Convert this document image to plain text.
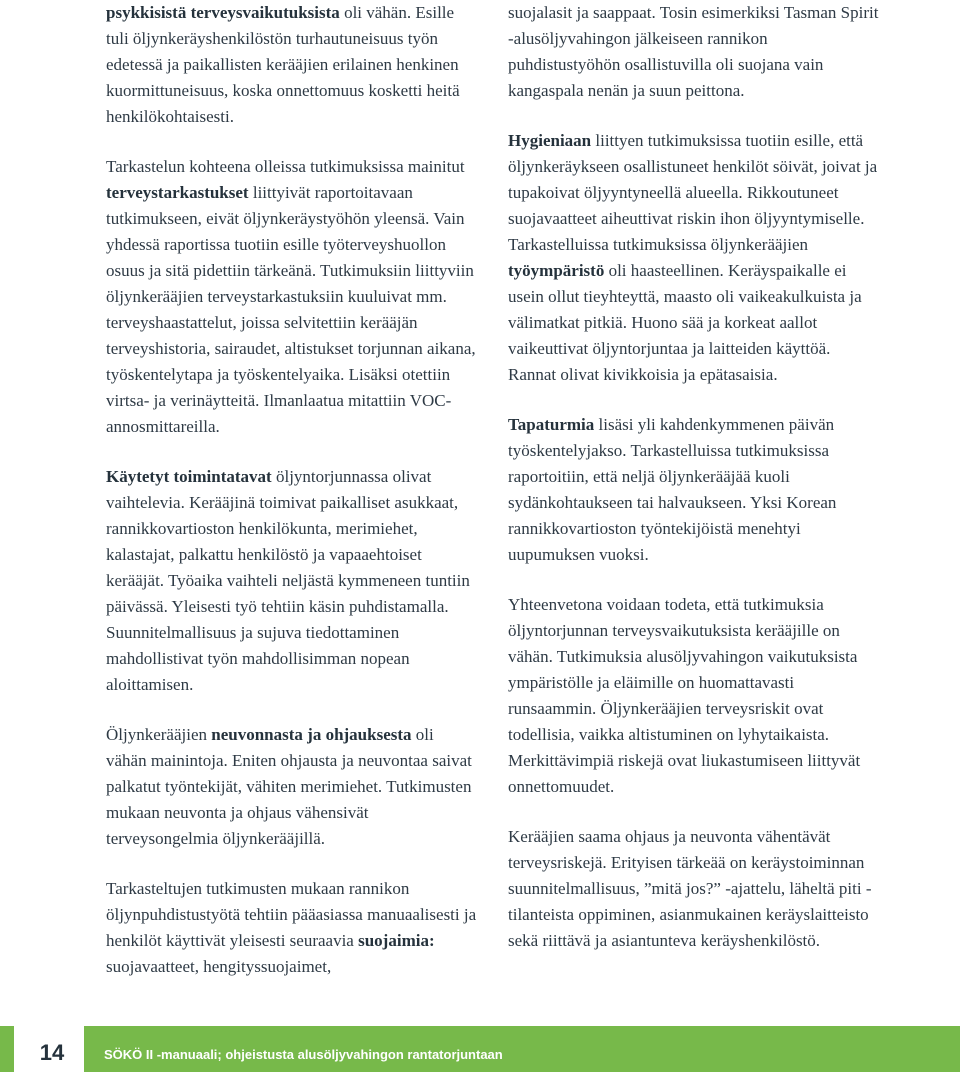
psykkisistä terveysvaikutuksista oli vähän. Esille tuli öljynkeräyshenkilöstön turhautuneisuus työn edetessä ja paikallisten kerääjien erilainen henkinen kuormittuneisuus, koska onnettomuus kosketti heitä henkilökohtaisesti.

Tarkastelun kohteena olleissa tutkimuksissa mainitut terveystarkastukset liittyivät raportoitavaan tutkimukseen, eivät öljynkeräystyöhön yleensä. Vain yhdessä raportissa tuotiin esille työterveyshuollon osuus ja sitä pidettiin tärkeänä. Tutkimuksiin liittyviin öljynkerääjien terveystarkastuksiin kuuluivat mm. terveyshaastattelut, joissa selvitettiin kerääjän terveyshistoria, sairaudet, altistukset torjunnan aikana, työskentelytapa ja työskentelyaika. Lisäksi otettiin virtsa- ja verinäytteitä. Ilmanlaatua mitattiin VOC- annosmittareilla.

Käytetyt toimintatavat öljyntorjunnassa olivat vaihtelevia. Kerääjinä toimivat paikalliset asukkaat, rannikkovartioston henkilökunta, merimiehet, kalastajat, palkattu henkilöstö ja vapaaehtoiset kerääjät. Työaika vaihteli neljästä kymmeneen tuntiin päivässä. Yleisesti työ tehtiin käsin puhdistamalla. Suunnitelmallisuus ja sujuva tiedottaminen mahdollistivat työn mahdollisimman nopean aloittamisen.

Öljynkerääjien neuvonnasta ja ohjauksesta oli vähän mainintoja. Eniten ohjausta ja neuvontaa saivat palkatut työntekijät, vähiten merimiehet. Tutkimusten mukaan neuvonta ja ohjaus vähensivät terveysongelmia öljynkerääjillä.

Tarkasteltujen tutkimusten mukaan rannikon öljynpuhdistustyötä tehtiin pääasiassa manuaalisesti ja henkilöt käyttivät yleisesti seuraavia suojaimia: suojavaatteet, hengityssuojaimet,

suojalasit ja saappaat. Tosin esimerkiksi Tasman Spirit -alusöljyvahingon jälkeiseen rannikon puhdistustyöhön osallistuvilla oli suojana vain kangaspala nenän ja suun peittona.

Hygieniaan liittyen tutkimuksissa tuotiin esille, että öljynkeräykseen osallistuneet henkilöt söivät, joivat ja tupakoivat öljyyntyneellä alueella. Rikkoutuneet suojavaatteet aiheuttivat riskin ihon öljyyntymiselle. Tarkastelluissa tutkimuksissa öljynkerääjien työympäristö oli haasteellinen. Keräyspaikalle ei usein ollut tieyhteyttä, maasto oli vaikeakulkuista ja välimatkat pitkiä. Huono sää ja korkeat aallot vaikeuttivat öljyntorjuntaa ja laitteiden käyttöä. Rannat olivat kivikkoisia ja epätasaisia.

Tapaturmia lisäsi yli kahdenkymmenen päivän työskentelyjakso. Tarkastelluissa tutkimuksissa raportoitiin, että neljä öljynkerääjää kuoli sydänkohtaukseen tai halvaukseen. Yksi Korean rannikkovartioston työntekijöistä menehtyi uupumuksen vuoksi.

Yhteenvetona voidaan todeta, että tutkimuksia öljyntorjunnan terveysvaikutuksista kerääjille on vähän. Tutkimuksia alusöljyvahingon vaikutuksista ympäristölle ja eläimille on huomattavasti runsaammin. Öljynkerääjien terveysriskit ovat todellisia, vaikka altistuminen on lyhytaikaista. Merkittävimpiä riskejä ovat liukastumiseen liittyvät onnettomuudet.

Kerääjien saama ohjaus ja neuvonta vähentävät terveysriskejä. Erityisen tärkeää on keräystoiminnan suunnitelmallisuus, ”mitä jos?” -ajattelu, läheltä piti -tilanteista oppiminen, asianmukainen keräyslaitteisto sekä riittävä ja asiantunteva keräyshenkilöstö.

14	SÖKÖ II -manuaali; ohjeistusta alusöljyvahingon rantatorjuntaan
